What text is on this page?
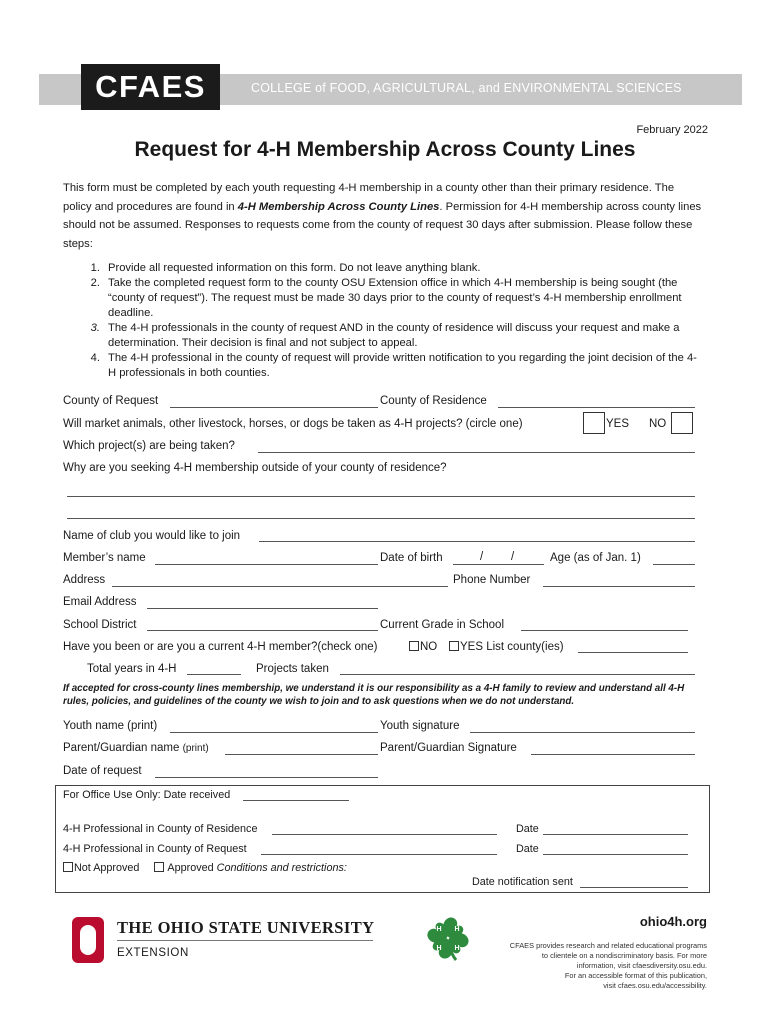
CFAES	COLLEGE of FOOD, AGRICULTURAL, and ENVIRONMENTAL SCIENCES
February 2022
Request for 4-H Membership Across County Lines
This form must be completed by each youth requesting 4-H membership in a county other than their primary residence. The policy and procedures are found in 4-H Membership Across County Lines. Permission for 4-H membership across county lines should not be assumed. Responses to requests come from the county of request 30 days after submission. Please follow these steps:
1. Provide all requested information on this form. Do not leave anything blank.
2. Take the completed request form to the county OSU Extension office in which 4-H membership is being sought (the “county of request”). The request must be made 30 days prior to the county of request’s 4-H membership enrollment deadline.
3. The 4-H professionals in the county of request AND in the county of residence will discuss your request and make a determination. Their decision is final and not subject to appeal.
4. The 4-H professional in the county of request will provide written notification to you regarding the joint decision of the 4-H professionals in both counties.
County of Request	County of Residence
Will market animals, other livestock, horses, or dogs be taken as 4-H projects? (circle one)	YES NO
Which project(s) are being taken?
Why are you seeking 4-H membership outside of your county of residence?
Name of club you would like to join
Member’s name	Date of birth	/ /	Age (as of Jan. 1)
Address	Phone Number
Email Address
School District	Current Grade in School
Have you been or are you a current 4-H member?(check one)	NO	YES List county(ies)
Total years in 4-H	Projects taken
If accepted for cross-county lines membership, we understand it is our responsibility as a 4-H family to review and understand all 4-H rules, policies, and guidelines of the county we wish to join and to ask questions when we do not understand.
Youth name (print)	Youth signature
Parent/Guardian name (print)	Parent/Guardian Signature
Date of request
For Office Use Only: Date received
4-H Professional in County of Residence	Date
4-H Professional in County of Request	Date
Not Approved	Approved Conditions and restrictions:
Date notification sent
THE OHIO STATE UNIVERSITY
EXTENSION
H H
H H
ohio4h.org
CFAES provides research and related educational programs
to clientele on a nondiscriminatory basis. For more
information, visit cfaesdiversity.osu.edu.
For an accessible format of this publication,
visit cfaes.osu.edu/accessibility.
